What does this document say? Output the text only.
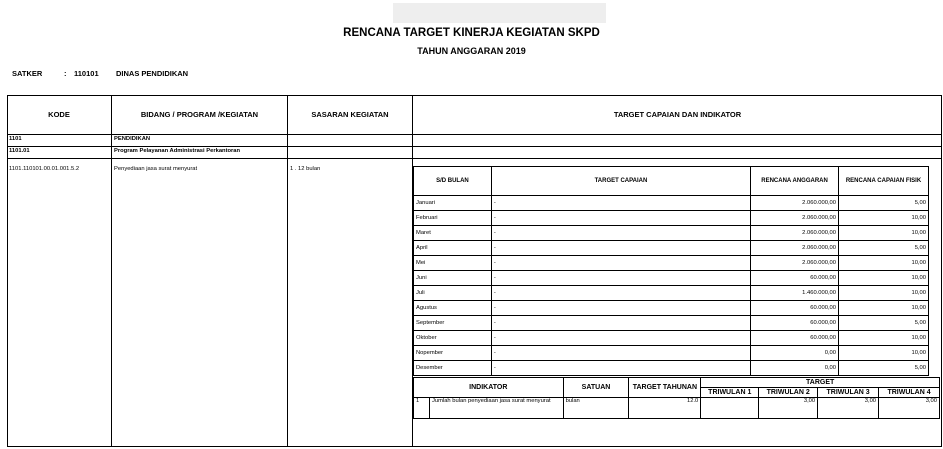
RENCANA TARGET KINERJA KEGIATAN SKPD
TAHUN ANGGARAN 2019
SATKER	:	110101	DINAS PENDIDIKAN
KODE	BIDANG / PROGRAM /KEGIATAN	SASARAN KEGIATAN	TARGET CAPAIAN DAN INDIKATOR
1101	PENDIDIKAN
1101.01	Program Pelayanan Administrasi Perkantoran
1101.110101.00.01.001.5.2	Penyediaan jasa surat menyurat	1 . 12 bulan
S/D BULAN	TARGET CAPAIAN	RENCANA ANGGARAN	RENCANA CAPAIAN FISIK
Januari	-	2.060.000,00	5,00
Februari	-	2.060.000,00	10,00
Maret	-	2.060.000,00	10,00
April	-	2.060.000,00	5,00
Mei	-	2.060.000,00	10,00
Juni	-	60.000,00	10,00
Juli	-	1.460.000,00	10,00
Agustus	-	60.000,00	10,00
September	-	60.000,00	5,00
Oktober	-	60.000,00	10,00
Nopember	-	0,00	10,00
Desember	-	0,00	5,00
INDIKATOR		SATUAN	TARGET TAHUNAN	TARGET			
				TRIWULAN 1	TRIWULAN 2	TRIWULAN 3	TRIWULAN 4
1	Jumlah bulan penyediaan jasa surat menyurat	bulan	12.0		3,00	3,00	3,00
